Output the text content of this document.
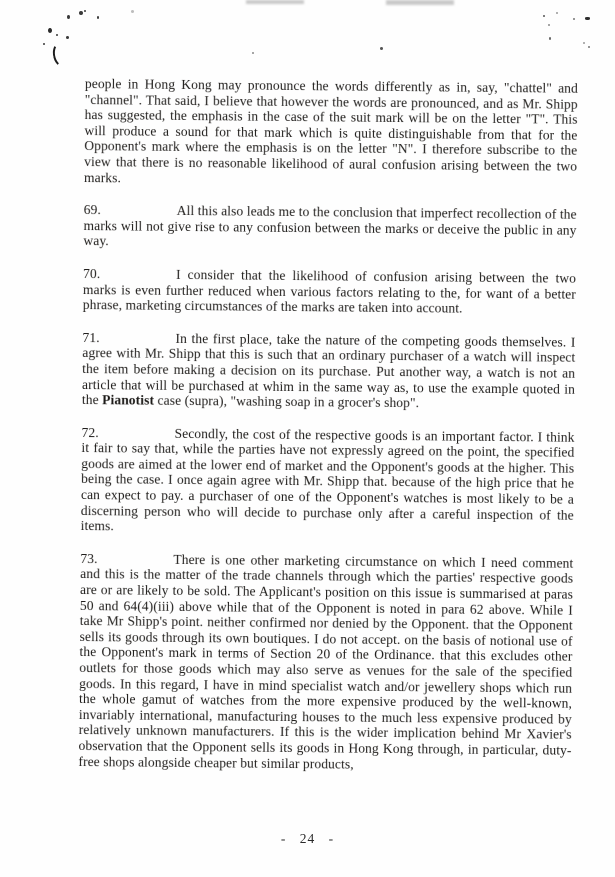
people in Hong Kong may pronounce the words differently as in, say, "chattel" and "channel". That said, I believe that however the words are pronounced, and as Mr. Shipp has suggested, the emphasis in the case of the suit mark will be on the letter "T". This will produce a sound for that mark which is quite distinguishable from that for the Opponent's mark where the emphasis is on the letter "N". I therefore subscribe to the view that there is no reasonable likelihood of aural confusion arising between the two marks.

69.	All this also leads me to the conclusion that imperfect recollection of the marks will not give rise to any confusion between the marks or deceive the public in any way.

70.	I consider that the likelihood of confusion arising between the two marks is even further reduced when various factors relating to the, for want of a better phrase, marketing circumstances of the marks are taken into account.

71.	In the first place, take the nature of the competing goods themselves. I agree with Mr. Shipp that this is such that an ordinary purchaser of a watch will inspect the item before making a decision on its purchase. Put another way, a watch is not an article that will be purchased at whim in the same way as, to use the example quoted in the Pianotist case (supra), "washing soap in a grocer's shop".

72.	Secondly, the cost of the respective goods is an important factor. I think it fair to say that, while the parties have not expressly agreed on the point, the specified goods are aimed at the lower end of market and the Opponent's goods at the higher. This being the case. I once again agree with Mr. Shipp that. because of the high price that he can expect to pay. a purchaser of one of the Opponent's watches is most likely to be a discerning person who will decide to purchase only after a careful inspection of the items.

73.	There is one other marketing circumstance on which I need comment and this is the matter of the trade channels through which the parties' respective goods are or are likely to be sold. The Applicant's position on this issue is summarised at paras 50 and 64(4)(iii) above while that of the Opponent is noted in para 62 above. While I take Mr Shipp's point. neither confirmed nor denied by the Opponent. that the Opponent sells its goods through its own boutiques. I do not accept. on the basis of notional use of the Opponent's mark in terms of Section 20 of the Ordinance. that this excludes other outlets for those goods which may also serve as venues for the sale of the specified goods. In this regard, I have in mind specialist watch and/or jewellery shops which run the whole gamut of watches from the more expensive produced by the well-known, invariably international, manufacturing houses to the much less expensive produced by relatively unknown manufacturers. If this is the wider implication behind Mr Xavier's observation that the Opponent sells its goods in Hong Kong through, in particular, duty-free shops alongside cheaper but similar products,

- 24 -
